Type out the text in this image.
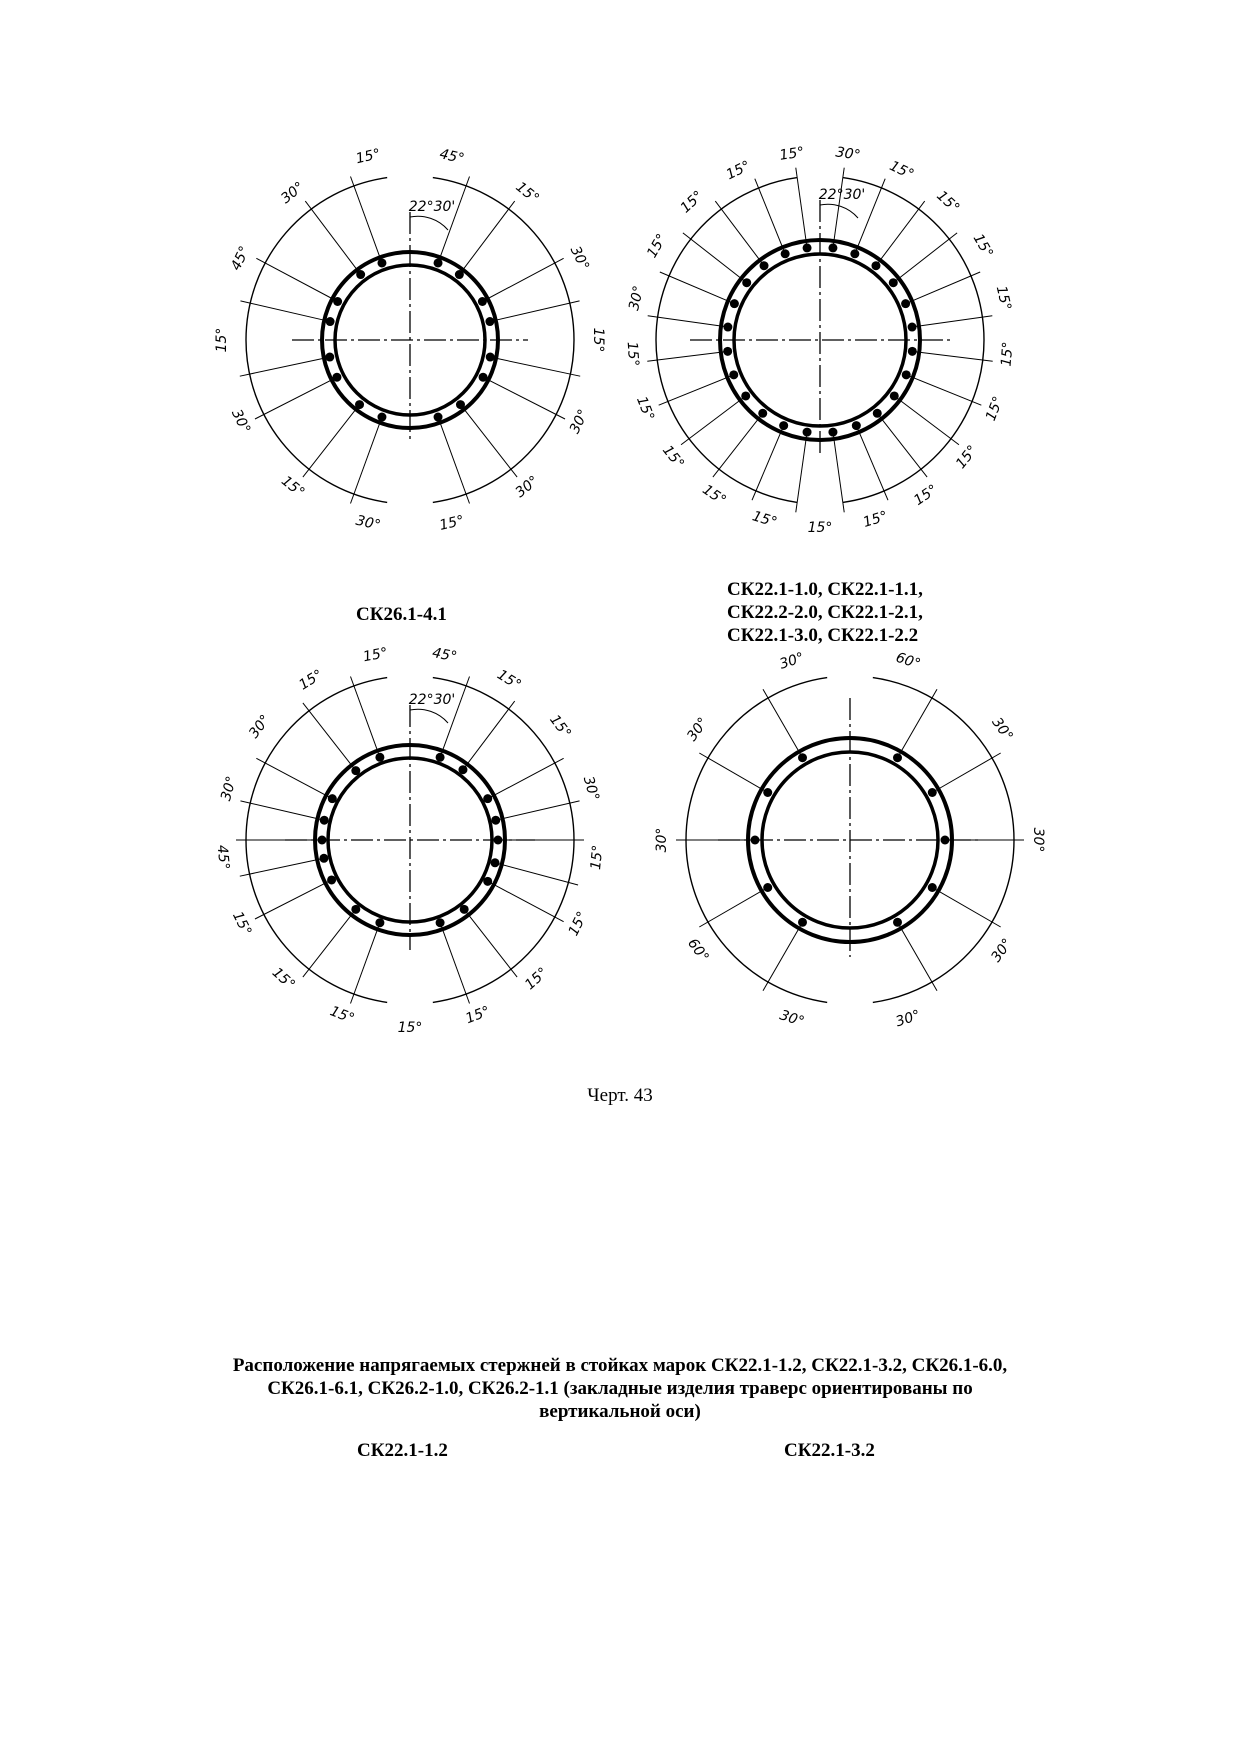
45°
15°
30°
15°
30°
30°
15°
30°
15°
30°
15°
45°
30°
15°
22°30'
СК26.1-4.1
30°
15°
15°
15°
15°
15°
15°
15°
15°
15°
15°
15°
15°
15°
15°
15°
30°
15°
15°
15°
15°
22°30'
СК22.1-1.0, СК22.1-1.1,
СК22.2-2.0, СК22.1-2.1,
СК22.1-3.0, СК22.1-2.2
45°
15°
15°
30°
15°
15°
15°
15°
15°
15°
15°
15°
45°
30°
30°
15°
15°
22°30'
60°
30°
30°
30°
30°
30°
60°
30°
30°
30°
Черт. 43
Расположение напрягаемых стержней в стойках марок СК22.1-1.2, СК22.1-3.2, СК26.1-6.0, СК26.1-6.1, СК26.2-1.0, СК26.2-1.1 (закладные изделия траверс ориентированы по вертикальной оси)
СК22.1-1.2	СК22.1-3.2
